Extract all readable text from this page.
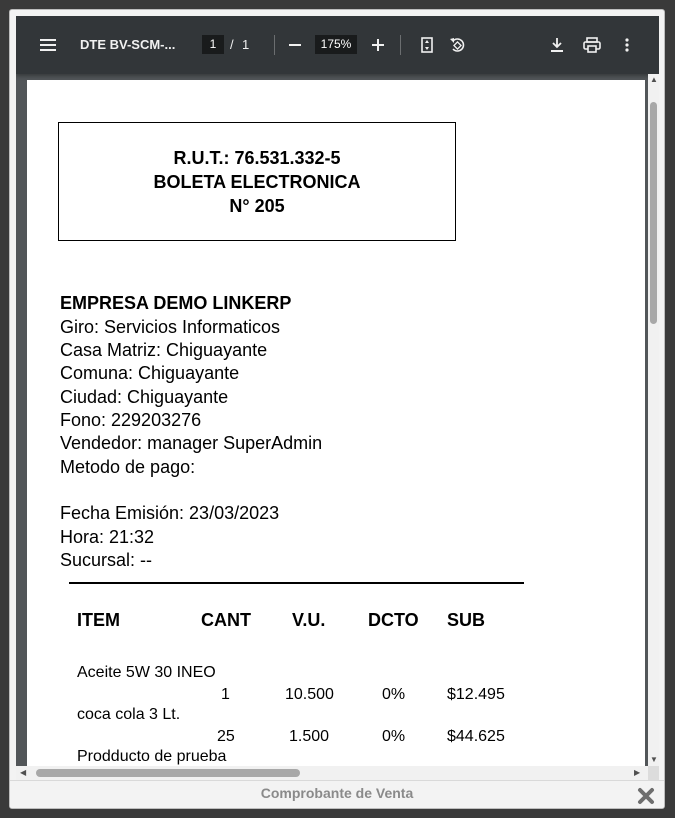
DTE BV-SCM-...	1	/ 1	175%
R.U.T.: 76.531.332-5
BOLETA ELECTRONICA
N° 205
EMPRESA DEMO LINKERP
Giro: Servicios Informaticos
Casa Matriz: Chiguayante
Comuna: Chiguayante
Ciudad: Chiguayante
Fono: 229203276
Vendedor: manager SuperAdmin
Metodo de pago:
Fecha Emisión: 23/03/2023
Hora: 21:32
Sucursal: --
ITEM	CANT V.U. DCTO SUB
Aceite 5W 30 INEO
1	10.500	0%	$12.495
coca cola 3 Lt.
25	1.500	0%	$44.625
Prodducto de prueba
▲
▼
◀	▶
Comprobante de Venta
